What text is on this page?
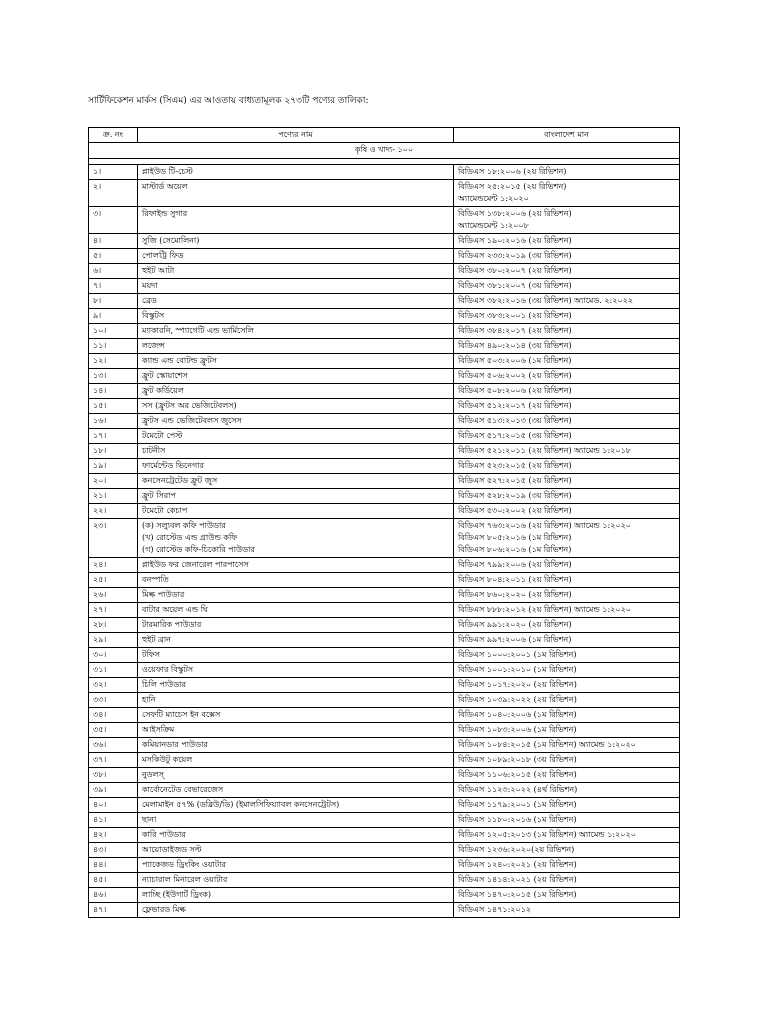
সার্টিফিকেশন মার্কস (সিএম) এর আওতায় বাধ্যতামূলক ২৭৩টি পণ্যের তালিকা:
ক্র. নং	পণ্যের নাম	বাংলাদেশ মান
কৃষি ও খাদ্য- ১০০		

১।	প্লাইউড টি-চেস্ট	বিডিএস ১৮:২০০৬ (২য় রিভিশন)

২।	মাস্টার্ড অয়েল	বিডিএস ২৫:২০১৫ (২য় রিভিশন)
অ্যামেন্ডমেন্ট ১:২০২০

৩।	রিফাইন্ড সুগার	বিডিএস ১৩৮:২০০৬ (২য় রিভিশন)
অ্যামেন্ডমেন্ট ১:২০০৮

৪।	সুজি (সেমোলিনা)	বিডিএস ১৯০:২০১৬ (২য় রিভিশন)

৫।	পোলট্রি ফিড	বিডিএস ২৩৩:২০১৯ (৩য় রিভিশন)

৬।	হুইট আটা	বিডিএস ৩৮০:২০০৭ (২য় রিভিশন)

৭।	ময়দা	বিডিএস ৩৮১:২০০৭ (৩য় রিভিশন)

৮।	ব্রেড	বিডিএস ৩৮২:২০১৬ (৩য় রিভিশন) অ্যামেড. ২:২০২২

৯।	বিস্কুটস	বিডিএস ৩৮৩:২০০১ (২য় রিভিশন)

১০।	ম্যাকারনি, স্প্যাগেটি এন্ড ভার্মিসেলি	বিডিএস ৩৮৪:২০১৭ (২য় রিভিশন)

১১।	লজেন্স	বিডিএস ৪৯০:২০১৪ (৩য় রিভিশন)

১২।	ক্যান্ড এন্ড বোটল্ড ফ্রুটস	বিডিএস ৫০৩:২০০৬ (১ম রিভিশন)

১৩।	ফ্রুট স্কোয়াশেস	বিডিএস ৫০৬:২০০২ (২য় রিভিশন)

১৪।	ফ্রুট কর্ডিয়েল	বিডিএস ৫০৮:২০০৬ (২য় রিভিশন)

১৫।	সস (ফ্রুটস অর ভেজিটেবলস)	বিডিএস ৫১২:২০১৭ (২য় রিভিশন)

১৬।	ফ্রুটস এন্ড ভেজিটেবলস জুসেস	বিডিএস ৫১৩:২০১৩ (৩য় রিভিশন)

১৭।	টমেটো পেস্ট	বিডিএস ৫১৭:২০১৫ (৩য় রিভিশন)

১৮।	চাটনীস	বিডিএস ৫২১:২০১১ (২য় রিভিশন) অ্যামেন্ড ১:২০১৮

১৯।	ফার্মেন্টেড ভিনেগার	বিডিএস ৫২৩:২০১৫ (২য় রিভিশন)

২০।	কনসেনট্রেটেড ফ্রুট জুস	বিডিএস ৫২৭:২০১৫ (২য় রিভিশন)

২১।	ফ্রুট সিরাপ	বিডিএস ৫২৮:২০১৯ (৩য় রিভিশন)

২২।	টমেটো কেচাপ	বিডিএস ৫৩০:২০০২ (২য় রিভিশন)

২৩।	(ক) সল্যুবল কফি পাউডার
(খ) রোস্টেড এন্ড গ্রাউন্ড কফি
(গ) রোস্টেড কফি-চিকোরি পাউডার	বিডিএস ৭৬৩:২০১৬ (২য় রিভিশন) অ্যামেন্ড ১:২০২০
বিডিএস ৮০৫:২০১৬ (১ম রিভিশন)
বিডিএস ৮০৬:২০১৬ (১ম রিভিশন)

২৪।	প্লাইউড ফর জেনারেল পারপাসেস	বিডিএস ৭৯৯:২০০৬ (২য় রিভিশন)

২৫।	বনস্পতি	বিডিএস ৮০৪:২০১১ (২য় রিভিশন)

২৬।	মিল্ক পাউডার	বিডিএস ৮৬০:২০২০ (২য় রিভিশন)

২৭।	বাটার অয়েল এন্ড ঘি	বিডিএস ৮৮৮:২০১২ (২য় রিভিশন) অ্যামেন্ড ১:২০২০

২৮।	টারমারিক পাউডার	বিডিএস ৯৯১:২০২০ (২য় রিভিশন)

২৯।	হুইট ব্রান	বিডিএস ৯৯৭:২০০৬ (১ম রিভিশন)

৩০।	টফিস	বিডিএস ১০০০:২০০১ (১ম রিভিশন)

৩১।	ওয়েফার বিস্কুটস	বিডিএস ১০০১:২০১০ (১ম রিভিশন)

৩২।	চিলি পাউডার	বিডিএস ১০১৭:২০২০ (২য় রিভিশন)

৩৩।	হানি	বিডিএস ১০৩৯:২০২২ (২য় রিভিশন)

৩৪।	সেফটি ম্যাচেস ইন বক্সেস	বিডিএস ১০৪০:২০০৬ (১ম রিভিশন)

৩৫।	আইসক্রিম	বিডিএস ১০৮৩:২০০৬ (১ম রিভিশন)

৩৬।	কমিয়ানডার পাউডার	বিডিএস ১০৮৪:২০১৫ (১ম রিভিশন) অ্যামেন্ড ১:২০২০

৩৭।	মসকিউটু কয়েল	বিডিএস ১০৮৯:২০১৮ (৩য় রিভিশন)

৩৮।	নুডলস্	বিডিএস ১১০৬:২০১৫ (২য় রিভিশন)

৩৯।	কার্বোনেটেড বেভারেজেস	বিডিএস ১১২৩:২০২২ (৪র্থ রিভিশন)

৪০।	মেলামাইন ৫৭% (ডব্লিউ/ডি) (ইমালসিফিয়্যাবল কনসেনট্রেটস)	বিডিএস ১১৭৯:২০০১ (১ম রিভিশন)

৪১।	ছানা	বিডিএস ১১৮০:২০১৬ (১ম রিভিশন)

৪২।	কারি পাউডার	বিডিএস ১২০৫:২০১৩ (১ম রিভিশন) অ্যামেন্ড ১:২০২০

৪৩।	আয়োডাইজড সল্ট	বিডিএস ১২৩৬:২০২০(২য় রিভিশন)

৪৪।	প্যাকেজড ড্রিংকিং ওয়াটার	বিডিএস ১২৪০:২০২১ (২য় রিভিশন)

৪৫।	ন্যাচারাল মিনারেল ওয়াটার	বিডিএস ১৪১৪:২০২১ (২য় রিভিশন)

৪৬।	লাচ্ছি (ইউগার্ট ড্রিংক)	বিডিএস ১৪৭০:২০১৫ (১ম রিভিশন)

৪৭।	ফ্লেভারড মিল্ক	বিডিএস ১৪৭১:২০১২
